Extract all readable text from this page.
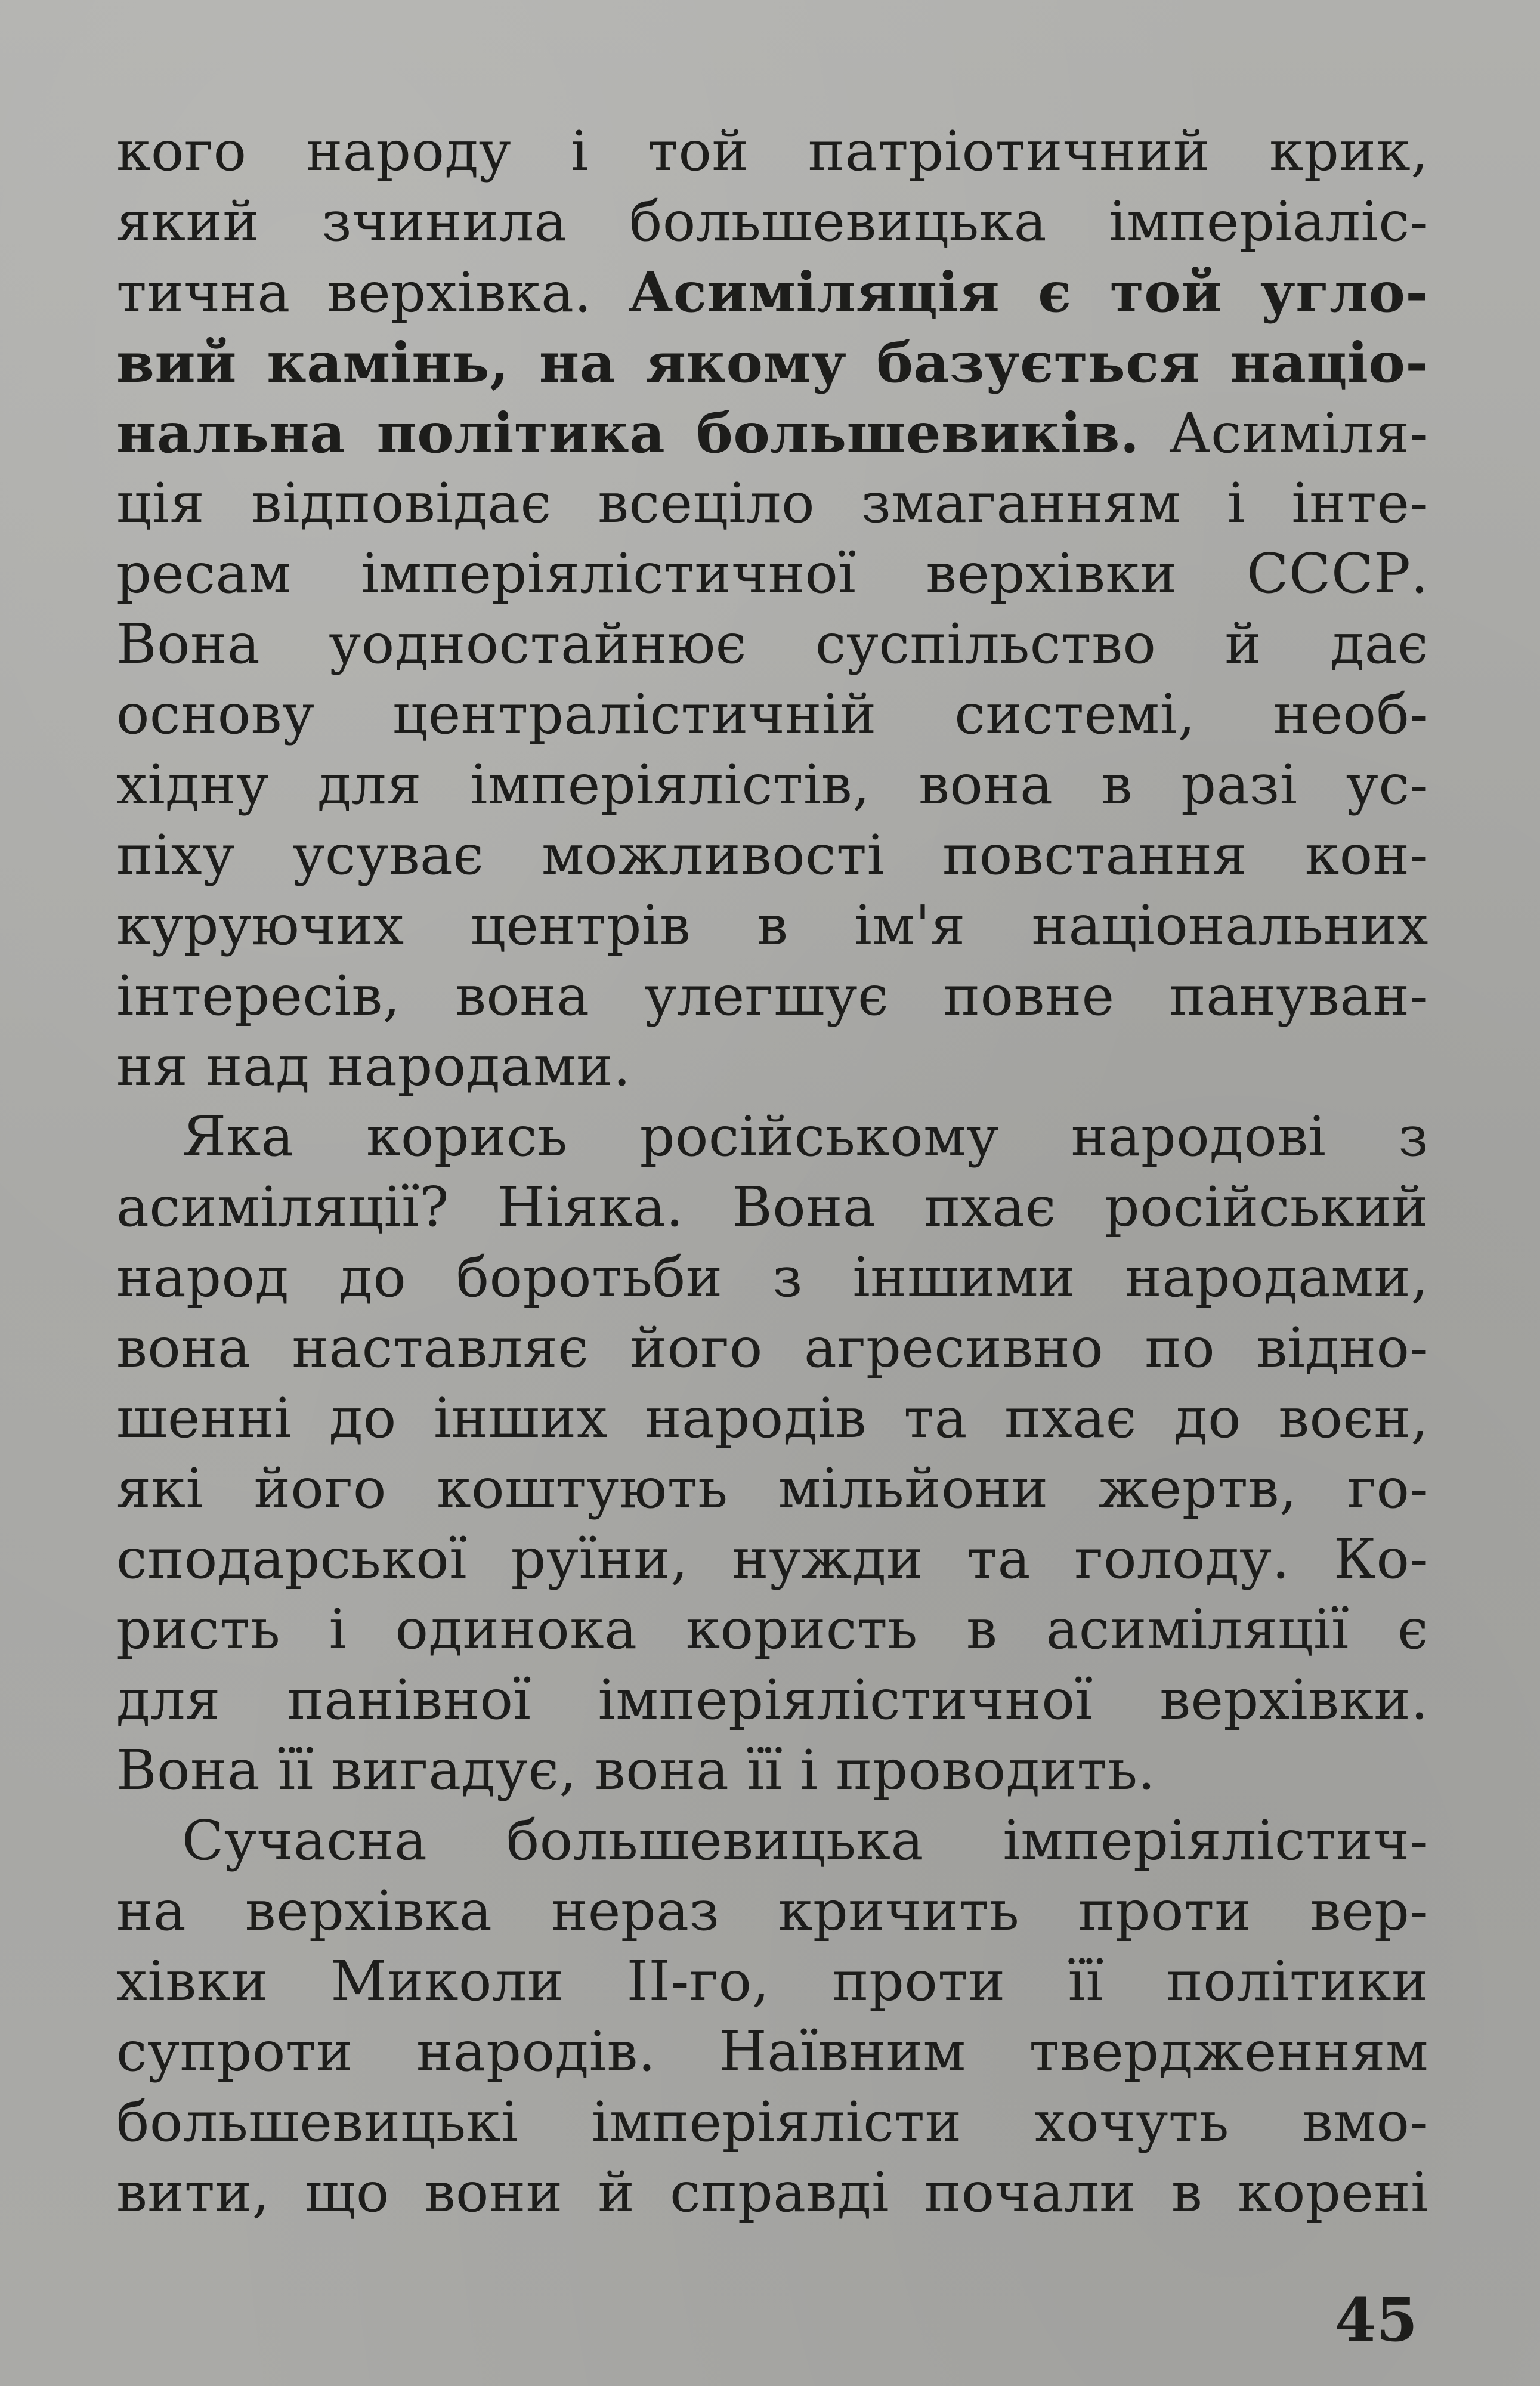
кого народу і той патріотичний крик,
який зчинила большевицька імперіаліс-
тична верхівка. Асиміляція є той угло-
вий камінь, на якому базується націо-
нальна політика большевиків. Асиміля-
ція відповідає всеціло змаганням і інте-
ресам імперіялістичної верхівки СССР.
Вона уодностайнює суспільство й дає
основу централістичній системі, необ-
хідну для імперіялістів, вона в разі ус-
піху усуває можливості повстання кон-
куруючих центрів в ім'я національних
інтересів, вона улегшує повне пануван-
ня над народами.
Яка корись російському народові з
асиміляції? Ніяка. Вона пхає російський
народ до боротьби з іншими народами,
вона наставляє його агресивно по відно-
шенні до інших народів та пхає до воєн,
які його коштують мільйони жертв, го-
сподарської руїни, нужди та голоду. Ко-
ристь і одинока користь в асиміляції є
для панівної імперіялістичної верхівки.
Вона її вигадує, вона її і проводить.
Сучасна большевицька імперіялістич-
на верхівка нераз кричить проти вер-
хівки Миколи ІІ-го, проти її політики
супроти народів. Наївним твердженням
большевицькі імперіялісти хочуть вмо-
вити, що вони й справді почали в корені
45
